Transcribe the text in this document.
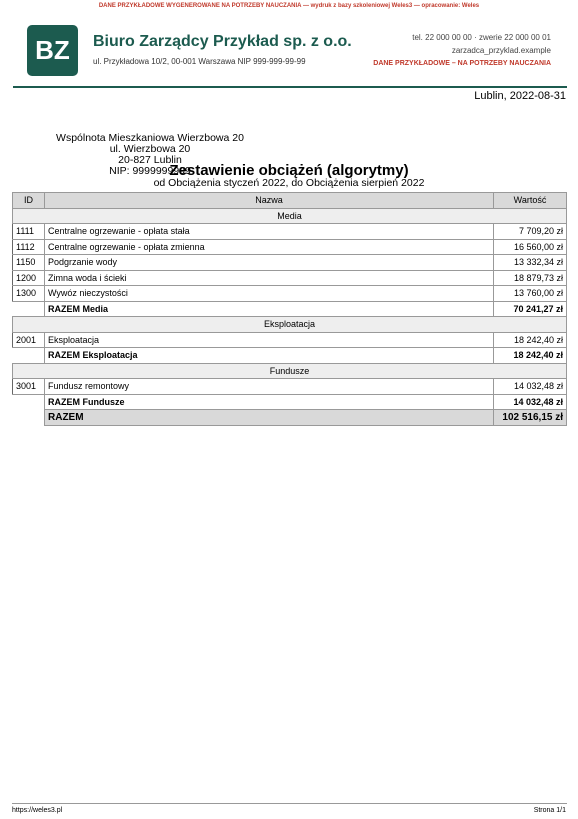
DANE PRZYKŁADOWE WYGENEROWANE NA POTRZEBY NAUCZANIA — wydruk z bazy szkoleniowej Weles3 — opracowanie: Weles
BZ	Biuro Zarządcy Przykład sp. z o.o.
ul. Przykładowa 10/2, 00-001 Warszawa NIP 999-999-99-99
tel. 22 000 00 00 · zwerie 22 000 00 01
zarzadca_przyklad.example
DANE PRZYKŁADOWE – NA POTRZEBY NAUCZANIA
Lublin, 2022-08-31
Wspólnota Mieszkaniowa Wierzbowa 20
ul. Wierzbowa 20
20-827 Lublin
NIP: 9999999999
Zestawienie obciążeń (algorytmy)
od Obciążenia styczeń 2022, do Obciążenia sierpień 2022
ID	Nazwa	Wartość
Media		
1111	Centralne ogrzewanie - opłata stała	7 709,20 zł
1112	Centralne ogrzewanie - opłata zmienna	16 560,00 zł
1150	Podgrzanie wody	13 332,34 zł
1200	Zimna woda i ścieki	18 879,73 zł
1300	Wywóz nieczystości	13 760,00 zł
	RAZEM Media	70 241,27 zł
Eksploatacja		
2001	Eksploatacja	18 242,40 zł
	RAZEM Eksploatacja	18 242,40 zł
Fundusze		
3001	Fundusz remontowy	14 032,48 zł
	RAZEM Fundusze	14 032,48 zł
	RAZEM	102 516,15 zł
https://weles3.pl	Strona 1/1
